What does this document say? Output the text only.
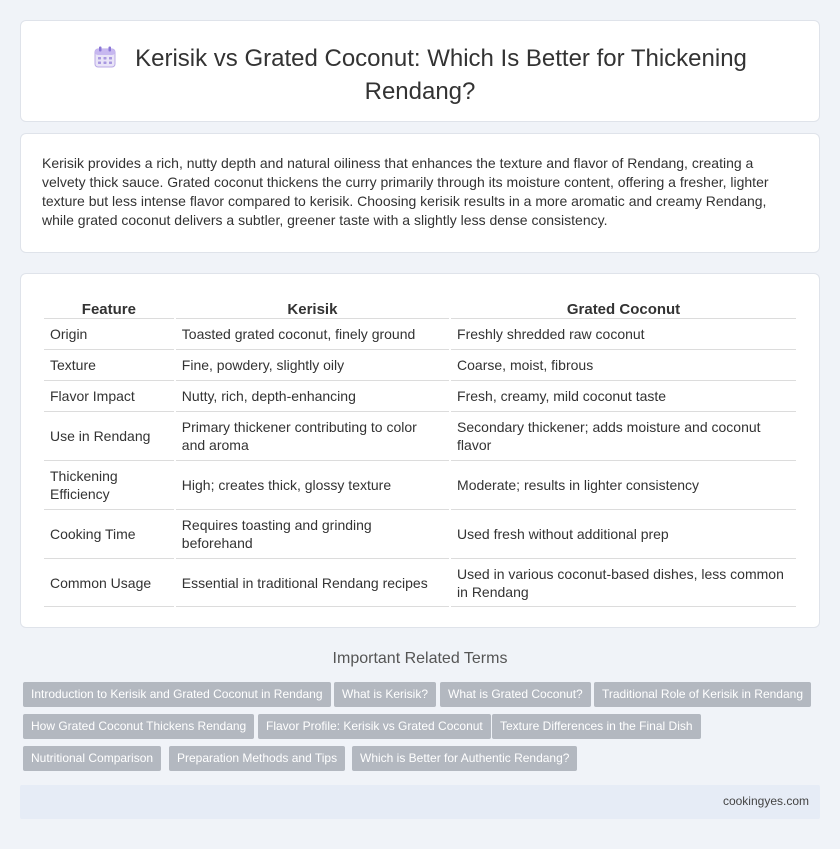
Kerisik vs Grated Coconut: Which Is Better for Thickening Rendang?

Kerisik provides a rich, nutty depth and natural oiliness that enhances the texture and flavor of Rendang, creating a velvety thick sauce. Grated coconut thickens the curry primarily through its moisture content, offering a fresher, lighter texture but less intense flavor compared to kerisik. Choosing kerisik results in a more aromatic and creamy Rendang, while grated coconut delivers a subtler, greener taste with a slightly less dense consistency.

Feature	Kerisik	Grated Coconut
Origin	Toasted grated coconut, finely ground	Freshly shredded raw coconut
Texture	Fine, powdery, slightly oily	Coarse, moist, fibrous
Flavor Impact	Nutty, rich, depth-enhancing	Fresh, creamy, mild coconut taste
Use in Rendang	Primary thickener contributing to color and aroma	Secondary thickener; adds moisture and coconut flavor
Thickening Efficiency	High; creates thick, glossy texture	Moderate; results in lighter consistency
Cooking Time	Requires toasting and grinding beforehand	Used fresh without additional prep
Common Usage	Essential in traditional Rendang recipes	Used in various coconut-based dishes, less common in Rendang
Important Related Terms
Introduction to Kerisik and Grated Coconut in Rendang	What is Kerisik?	What is Grated Coconut?	Traditional Role of Kerisik in Rendang
How Grated Coconut Thickens Rendang	Flavor Profile: Kerisik vs Grated Coconut	Texture Differences in the Final Dish
Nutritional Comparison	Preparation Methods and Tips	Which is Better for Authentic Rendang?
cookingyes.com
